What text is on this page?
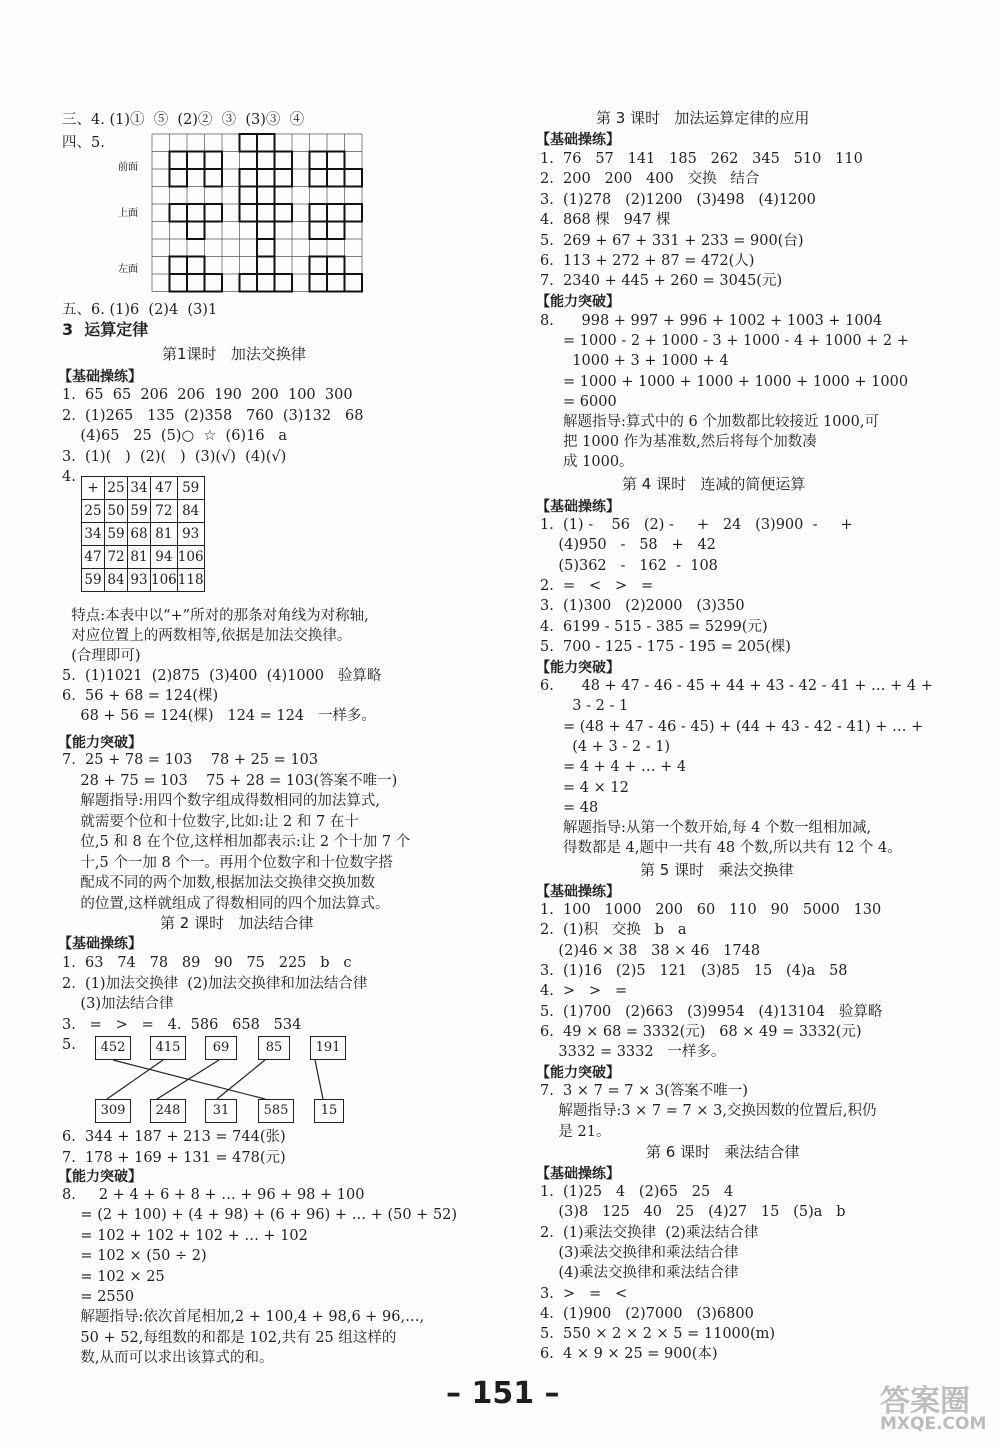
三、4. (1)①  ⑤  (2)②  ③  (3)③  ④
四、5.
五、6. (1)6  (2)4  (3)1
3  运算定律
第1课时   加法交换律
【基础操练】
1.  65  65  206  206  190  200  100  300
2.  (1)265   135  (2)358   760  (3)132   68
(4)65   25  (5)○  ☆  (6)16   a
3.  (1)(   )  (2)(   )  (3)(√)  (4)(√)
4.
特点:本表中以“+”所对的那条对角线为对称轴,
对应位置上的两数相等,依据是加法交换律。
(合理即可)
5.  (1)1021  (2)875  (3)400  (4)1000   验算略
6.  56 + 68 = 124(棵)
68 + 56 = 124(棵)   124 = 124   一样多。
【能力突破】
7.  25 + 78 = 103    78 + 25 = 103
28 + 75 = 103    75 + 28 = 103(答案不唯一)
解题指导:用四个数字组成得数相同的加法算式,
就需要个位和十位数字,比如:让 2 和 7 在十
位,5 和 8 在个位,这样相加都表示:让 2 个十加 7 个
十,5 个一加 8 个一。再用个位数字和十位数字搭
配成不同的两个加数,根据加法交换律交换加数
的位置,这样就组成了得数相同的四个加法算式。
第 2 课时   加法结合律
【基础操练】
1.  63   74   78   89   90   75   225   b   c
2.  (1)加法交换律  (2)加法交换律和加法结合律
(3)加法结合律
3.   =   >   =   4.  586   658   534
5.
6.  344 + 187 + 213 = 744(张)
7.  178 + 169 + 131 = 478(元)
【能力突破】
8.     2 + 4 + 6 + 8 + … + 96 + 98 + 100
= (2 + 100) + (4 + 98) + (6 + 96) + … + (50 + 52)
= 102 + 102 + 102 + … + 102
= 102 × (50 ÷ 2)
= 102 × 25
= 2550
解题指导:依次首尾相加,2 + 100,4 + 98,6 + 96,…,
50 + 52,每组数的和都是 102,共有 25 组这样的
数,从而可以求出该算式的和。
第 3 课时   加法运算定律的应用
【基础操练】
1.  76   57   141   185   262   345   510   110
2.  200   200   400   交换   结合
3.  (1)278   (2)1200   (3)498   (4)1200
4.  868 棵   947 棵
5.  269 + 67 + 331 + 233 = 900(台)
6.  113 + 272 + 87 = 472(人)
7.  2340 + 445 + 260 = 3045(元)
【能力突破】
8.      998 + 997 + 996 + 1002 + 1003 + 1004
= 1000 - 2 + 1000 - 3 + 1000 - 4 + 1000 + 2 +
1000 + 3 + 1000 + 4
= 1000 + 1000 + 1000 + 1000 + 1000 + 1000
= 6000
解题指导:算式中的 6 个加数都比较接近 1000,可
把 1000 作为基准数,然后将每个加数凑
成 1000。
第 4 课时   连减的简便运算
【基础操练】
1.  (1) -    56   (2) -     +   24   (3)900  -     +
(4)950   -   58   +   42
(5)362   -   162  -  108
2.  =   <   >   =
3.  (1)300   (2)2000   (3)350
4.  6199 - 515 - 385 = 5299(元)
5.  700 - 125 - 175 - 195 = 205(棵)
【能力突破】
6.      48 + 47 - 46 - 45 + 44 + 43 - 42 - 41 + … + 4 +
3 - 2 - 1
= (48 + 47 - 46 - 45) + (44 + 43 - 42 - 41) + … +
(4 + 3 - 2 - 1)
= 4 + 4 + … + 4
= 4 × 12
= 48
解题指导:从第一个数开始,每 4 个数一组相加减,
得数都是 4,题中一共有 48 个数,所以共有 12 个 4。
第 5 课时   乘法交换律
【基础操练】
1.  100   1000   200   60   110   90   5000   130
2.  (1)积   交换   b   a
(2)46 × 38   38 × 46   1748
3.  (1)16   (2)5   121   (3)85   15   (4)a   58
4.  >   >   =
5.  (1)700   (2)663   (3)9954   (4)13104   验算略
6.  49 × 68 = 3332(元)   68 × 49 = 3332(元)
3332 = 3332   一样多。
【能力突破】
7.  3 × 7 = 7 × 3(答案不唯一)
解题指导:3 × 7 = 7 × 3,交换因数的位置后,积仍
是 21。
第 6 课时   乘法结合律
【基础操练】
1.  (1)25   4   (2)65   25   4
(3)8   125   40   25   (4)27   15   (5)a   b
2.  (1)乘法交换律  (2)乘法结合律
(3)乘法交换律和乘法结合律
(4)乘法交换律和乘法结合律
3.  >   =   <
4.  (1)900   (2)7000   (3)6800
5.  550 × 2 × 2 × 5 = 11000(m)
6.  4 × 9 × 25 = 900(本)
前面
上面
左面
+	25	34	47	59
25	50	59	72	84
34	59	68	81	93
47	72	81	94	106
59	84	93	106	118
452	415	69	85	191
309	248	31	585	15
– 151 –	答案圈
MXQE.COM
